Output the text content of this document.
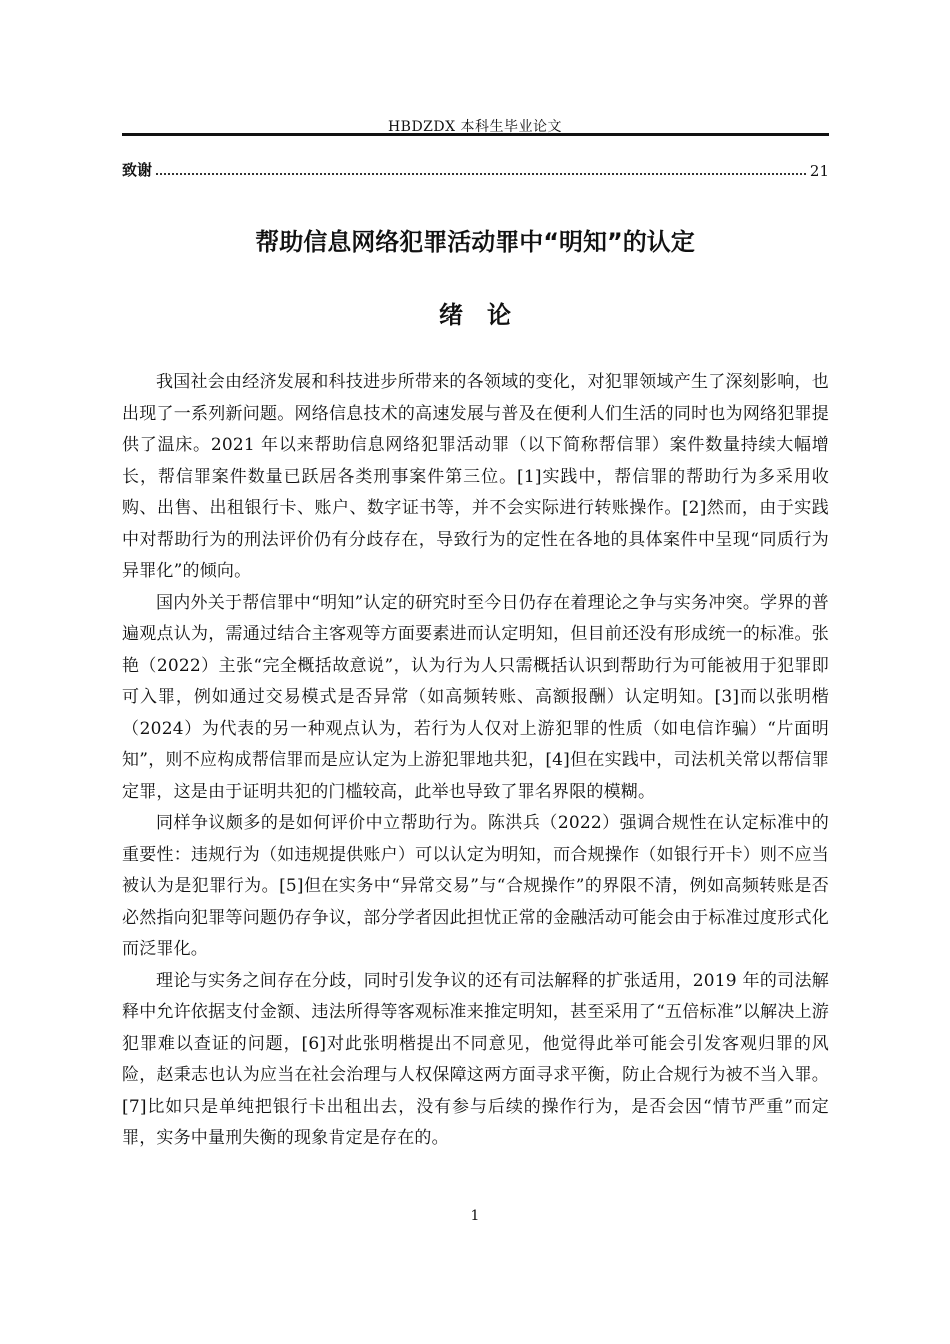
HBDZDX 本科生毕业论文
致谢	21
帮助信息网络犯罪活动罪中“明知”的认定
绪　论

我国社会由经济发展和科技进步所带来的各领域的变化，对犯罪领域产生了深刻影响，也出现了一系列新问题。网络信息技术的高速发展与普及在便利人们生活的同时也为网络犯罪提供了温床。2021 年以来帮助信息网络犯罪活动罪（以下简称帮信罪）案件数量持续大幅增长，帮信罪案件数量已跃居各类刑事案件第三位。[1]实践中，帮信罪的帮助行为多采用收购、出售、出租银行卡、账户、数字证书等，并不会实际进行转账操作。[2]然而，由于实践中对帮助行为的刑法评价仍有分歧存在，导致行为的定性在各地的具体案件中呈现“同质行为异罪化”的倾向。

国内外关于帮信罪中“明知”认定的研究时至今日仍存在着理论之争与实务冲突。学界的普遍观点认为，需通过结合主客观等方面要素进而认定明知，但目前还没有形成统一的标准。张艳（2022）主张“完全概括故意说”，认为行为人只需概括认识到帮助行为可能被用于犯罪即可入罪，例如通过交易模式是否异常（如高频转账、高额报酬）认定明知。[3]而以张明楷（2024）为代表的另一种观点认为，若行为人仅对上游犯罪的性质（如电信诈骗）“片面明知”，则不应构成帮信罪而是应认定为上游犯罪地共犯，[4]但在实践中，司法机关常以帮信罪定罪，这是由于证明共犯的门槛较高，此举也导致了罪名界限的模糊。

同样争议颇多的是如何评价中立帮助行为。陈洪兵（2022）强调合规性在认定标准中的重要性：违规行为（如违规提供账户）可以认定为明知，而合规操作（如银行开卡）则不应当被认为是犯罪行为。[5]但在实务中“异常交易”与“合规操作”的界限不清，例如高频转账是否必然指向犯罪等问题仍存争议，部分学者因此担忧正常的金融活动可能会由于标准过度形式化而泛罪化。

理论与实务之间存在分歧，同时引发争议的还有司法解释的扩张适用，2019 年的司法解释中允许依据支付金额、违法所得等客观标准来推定明知，甚至采用了“五倍标准”以解决上游犯罪难以查证的问题，[6]对此张明楷提出不同意见，他觉得此举可能会引发客观归罪的风险，赵秉志也认为应当在社会治理与人权保障这两方面寻求平衡，防止合规行为被不当入罪。[7]比如只是单纯把银行卡出租出去，没有参与后续的操作行为，是否会因“情节严重”而定罪，实务中量刑失衡的现象肯定是存在的。

1
